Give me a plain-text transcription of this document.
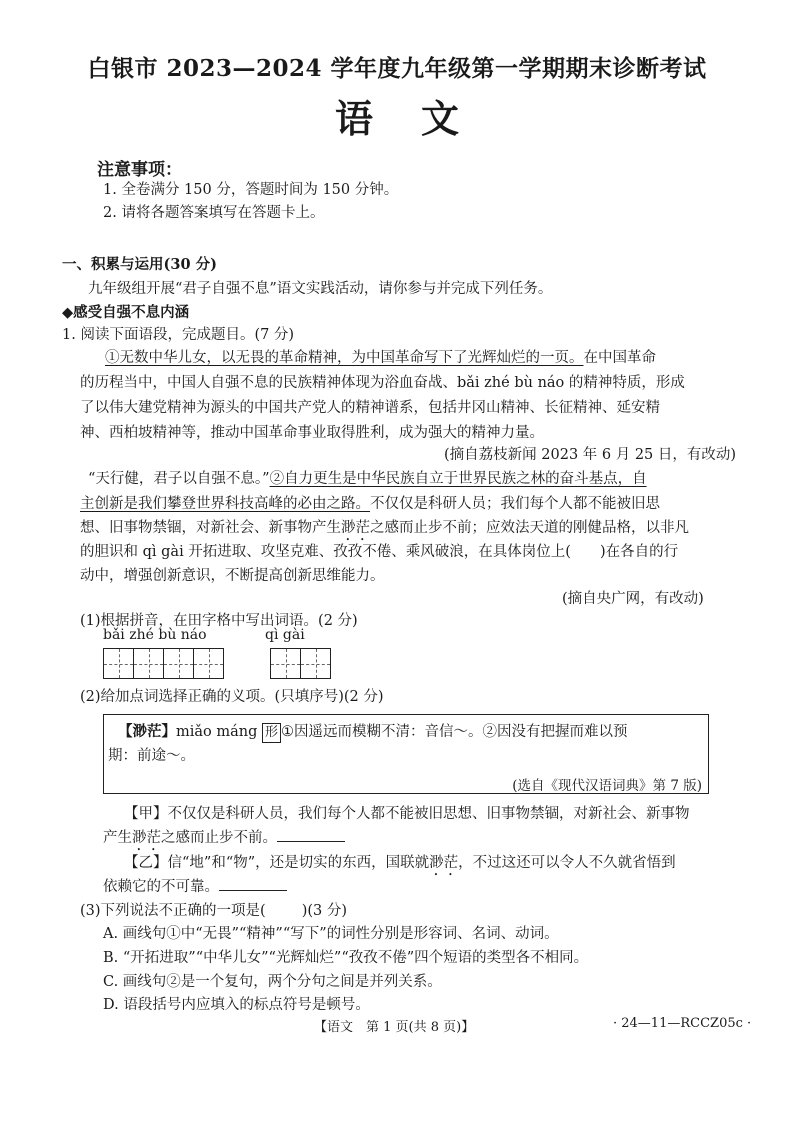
白银市 2023—2024 学年度九年级第一学期期末诊断考试
语文
注意事项：
1. 全卷满分 150 分，答题时间为 150 分钟。
2. 请将各题答案填写在答题卡上。
一、积累与运用(30 分)
九年级组开展“君子自强不息”语文实践活动，请你参与并完成下列任务。
◆感受自强不息内涵
1. 阅读下面语段，完成题目。(7 分)
①无数中华儿女，以无畏的革命精神，为中国革命写下了光辉灿烂的一页。在中国革命
的历程当中，中国人自强不息的民族精神体现为浴血奋战、bǎi zhé bù náo 的精神特质，形成
了以伟大建党精神为源头的中国共产党人的精神谱系，包括井冈山精神、长征精神、延安精
神、西柏坡精神等，推动中国革命事业取得胜利，成为强大的精神力量。
(摘自荔枝新闻 2023 年 6 月 25 日，有改动)
“天行健，君子以自强不息。”②自力更生是中华民族自立于世界民族之林的奋斗基点，自
主创新是我们攀登世界科技高峰的必由之路。不仅仅是科研人员；我们每个人都不能被旧思
想、旧事物禁锢，对新社会、新事物产生渺茫之感而止步不前；应效法天道的刚健品格，以非凡
的胆识和 qì gài 开拓进取、攻坚克难、孜孜不倦、乘风破浪，在具体岗位上(　　)在各自的行
动中，增强创新意识，不断提高创新思维能力。
(摘自央广网，有改动)
(1)根据拼音，在田字格中写出词语。(2 分)
bǎi zhé bù náo	qì gài
(2)给加点词选择正确的义项。(只填序号)(2 分)
【渺茫】miǎo máng 形 ①因遥远而模糊不清：音信～。②因没有把握而难以预
期：前途～。
(选自《现代汉语词典》第 7 版)
【甲】不仅仅是科研人员，我们每个人都不能被旧思想、旧事物禁锢，对新社会、新事物
产生渺茫之感而止步不前。
【乙】信“地”和“物”，还是切实的东西，国联就渺茫，不过这还可以令人不久就省悟到
依赖它的不可靠。
(3)下列说法不正确的一项是( )(3 分)
A. 画线句①中“无畏”“精神”“写下”的词性分别是形容词、名词、动词。
B. “开拓进取”“中华儿女”“光辉灿烂”“孜孜不倦”四个短语的类型各不相同。
C. 画线句②是一个复句，两个分句之间是并列关系。
D. 语段括号内应填入的标点符号是顿号。
【语文　第 1 页(共 8 页)】	· 24—11—RCCZ05c ·
